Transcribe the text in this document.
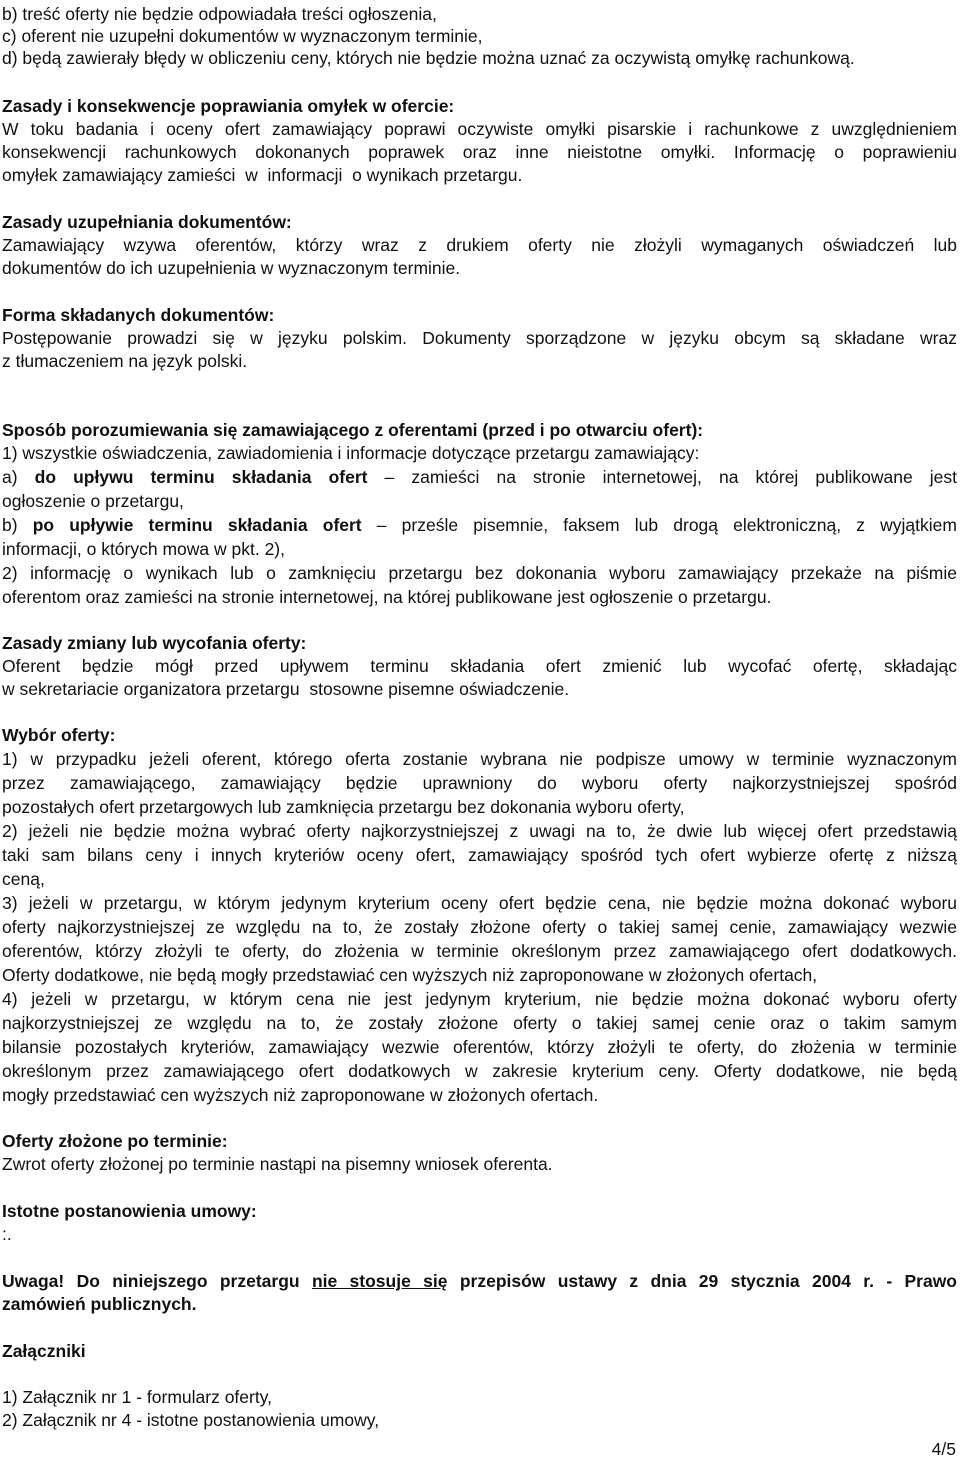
b) treść oferty nie będzie odpowiadała treści ogłoszenia,
c) oferent nie uzupełni dokumentów w wyznaczonym terminie,
d) będą zawierały błędy w obliczeniu ceny, których nie będzie można uznać za oczywistą omyłkę rachunkową.
Zasady i konsekwencje poprawiania omyłek w ofercie:
W toku badania i oceny ofert zamawiający poprawi oczywiste omyłki pisarskie i rachunkowe z uwzględnieniem
konsekwencji rachunkowych dokonanych poprawek oraz inne nieistotne omyłki. Informację o poprawieniu
omyłek zamawiający zamieści  w  informacji  o wynikach przetargu.
Zasady uzupełniania dokumentów:
Zamawiający wzywa oferentów, którzy wraz z drukiem oferty nie złożyli wymaganych oświadczeń lub
dokumentów do ich uzupełnienia w wyznaczonym terminie.
Forma składanych dokumentów:
Postępowanie prowadzi się w języku polskim. Dokumenty sporządzone w języku obcym są składane wraz
z tłumaczeniem na język polski.
Sposób porozumiewania się zamawiającego z oferentami (przed i po otwarciu ofert):
1) wszystkie oświadczenia, zawiadomienia i informacje dotyczące przetargu zamawiający:
a) do upływu terminu składania ofert – zamieści na stronie internetowej, na której publikowane jest
ogłoszenie o przetargu,
b) po upływie terminu składania ofert – prześle pisemnie, faksem lub drogą elektroniczną, z wyjątkiem
informacji, o których mowa w pkt. 2),
2) informację o wynikach lub o zamknięciu przetargu bez dokonania wyboru zamawiający przekaże na piśmie
oferentom oraz zamieści na stronie internetowej, na której publikowane jest ogłoszenie o przetargu.
Zasady zmiany lub wycofania oferty:
Oferent będzie mógł przed upływem terminu składania ofert zmienić lub wycofać ofertę, składając
w sekretariacie organizatora przetargu  stosowne pisemne oświadczenie.
Wybór oferty:
1) w przypadku jeżeli oferent, którego oferta zostanie wybrana nie podpisze umowy w terminie wyznaczonym
przez zamawiającego, zamawiający będzie uprawniony do wyboru oferty najkorzystniejszej spośród
pozostałych ofert przetargowych lub zamknięcia przetargu bez dokonania wyboru oferty,
2) jeżeli nie będzie można wybrać oferty najkorzystniejszej z uwagi na to, że dwie lub więcej ofert przedstawią
taki sam bilans ceny i innych kryteriów oceny ofert, zamawiający spośród tych ofert wybierze ofertę z niższą
ceną,
3) jeżeli w przetargu, w którym jedynym kryterium oceny ofert będzie cena, nie będzie można dokonać wyboru
oferty najkorzystniejszej ze względu na to, że zostały złożone oferty o takiej samej cenie, zamawiający wezwie
oferentów, którzy złożyli te oferty, do złożenia w terminie określonym przez zamawiającego ofert dodatkowych.
Oferty dodatkowe, nie będą mogły przedstawiać cen wyższych niż zaproponowane w złożonych ofertach,
4) jeżeli w przetargu, w którym cena nie jest jedynym kryterium, nie będzie można dokonać wyboru oferty
najkorzystniejszej ze względu na to, że zostały złożone oferty o takiej samej cenie oraz o takim samym
bilansie pozostałych kryteriów, zamawiający wezwie oferentów, którzy złożyli te oferty, do złożenia w terminie
określonym przez zamawiającego ofert dodatkowych w zakresie kryterium ceny. Oferty dodatkowe, nie będą
mogły przedstawiać cen wyższych niż zaproponowane w złożonych ofertach.
Oferty złożone po terminie:
Zwrot oferty złożonej po terminie nastąpi na pisemny wniosek oferenta.
Istotne postanowienia umowy:
:.
Uwaga! Do niniejszego przetargu nie stosuje się przepisów ustawy z dnia 29 stycznia 2004 r. - Prawo
zamówień publicznych.
Załączniki
1) Załącznik nr 1 - formularz oferty,
2) Załącznik nr 4 - istotne postanowienia umowy,
4/5
